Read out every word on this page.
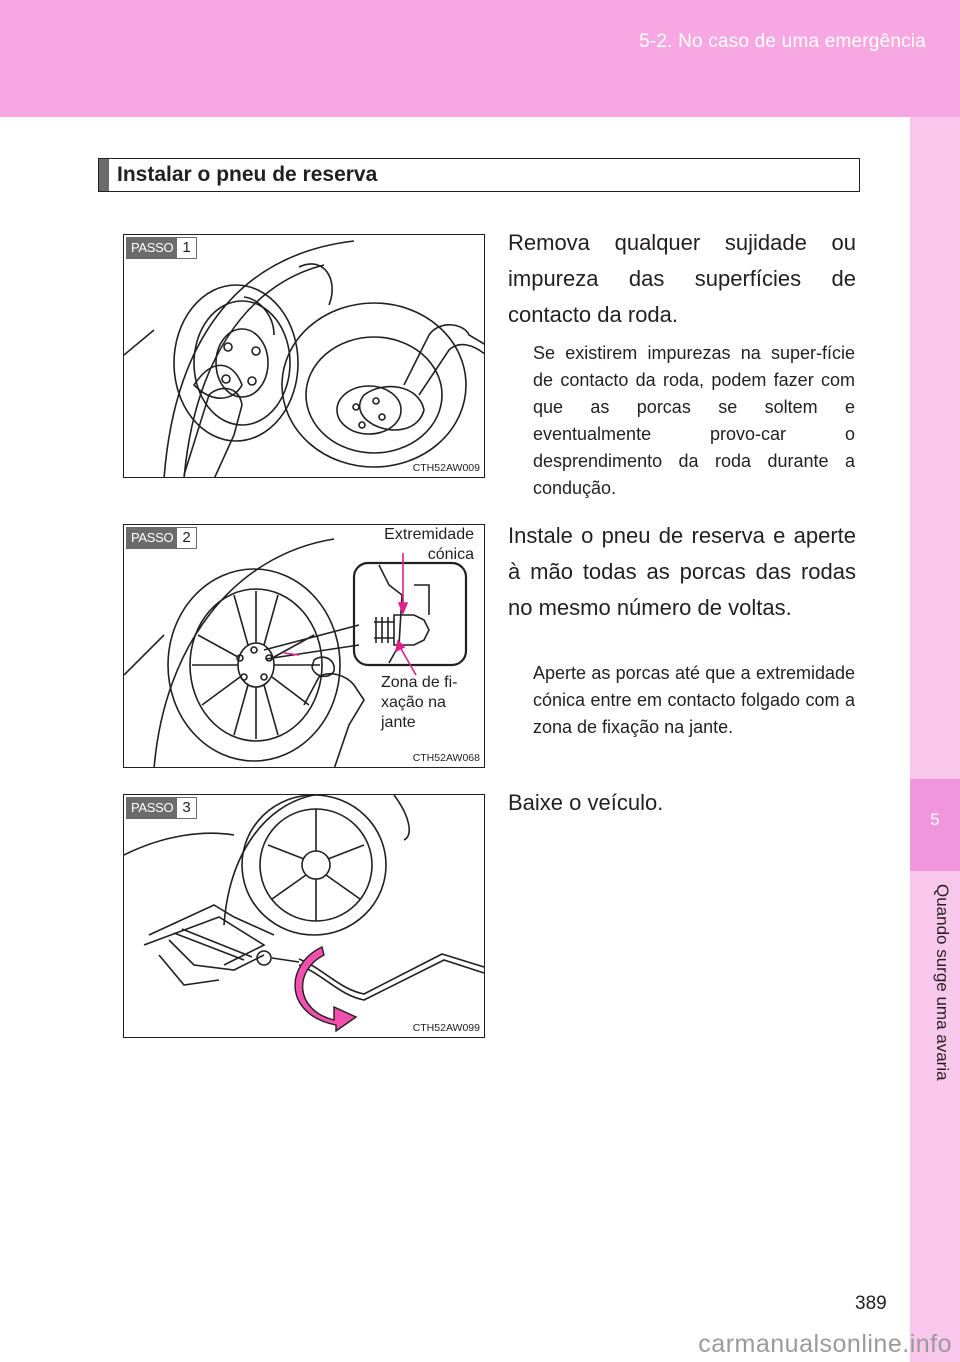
5-2. No caso de uma emergência
5
Quando surge uma avaria
Instalar o pneu de reserva
PASSO 1
CTH52AW009
Remova qualquer sujidade ou impureza das superfícies de contacto da roda.
Se existirem impurezas na super-fície de contacto da roda, podem fazer com que as porcas se soltem e eventualmente provo-car o desprendimento da roda durante a condução.
PASSO 2	Extremidade
cónica
Zona de fi-
xação na
jante
CTH52AW068
Instale o pneu de reserva e aperte à mão todas as porcas das rodas no mesmo número de voltas.
Aperte as porcas até que a extremidade cónica entre em contacto folgado com a zona de fixação na jante.
PASSO 3
CTH52AW099
Baixe o veículo.
389
carmanualsonline.info
